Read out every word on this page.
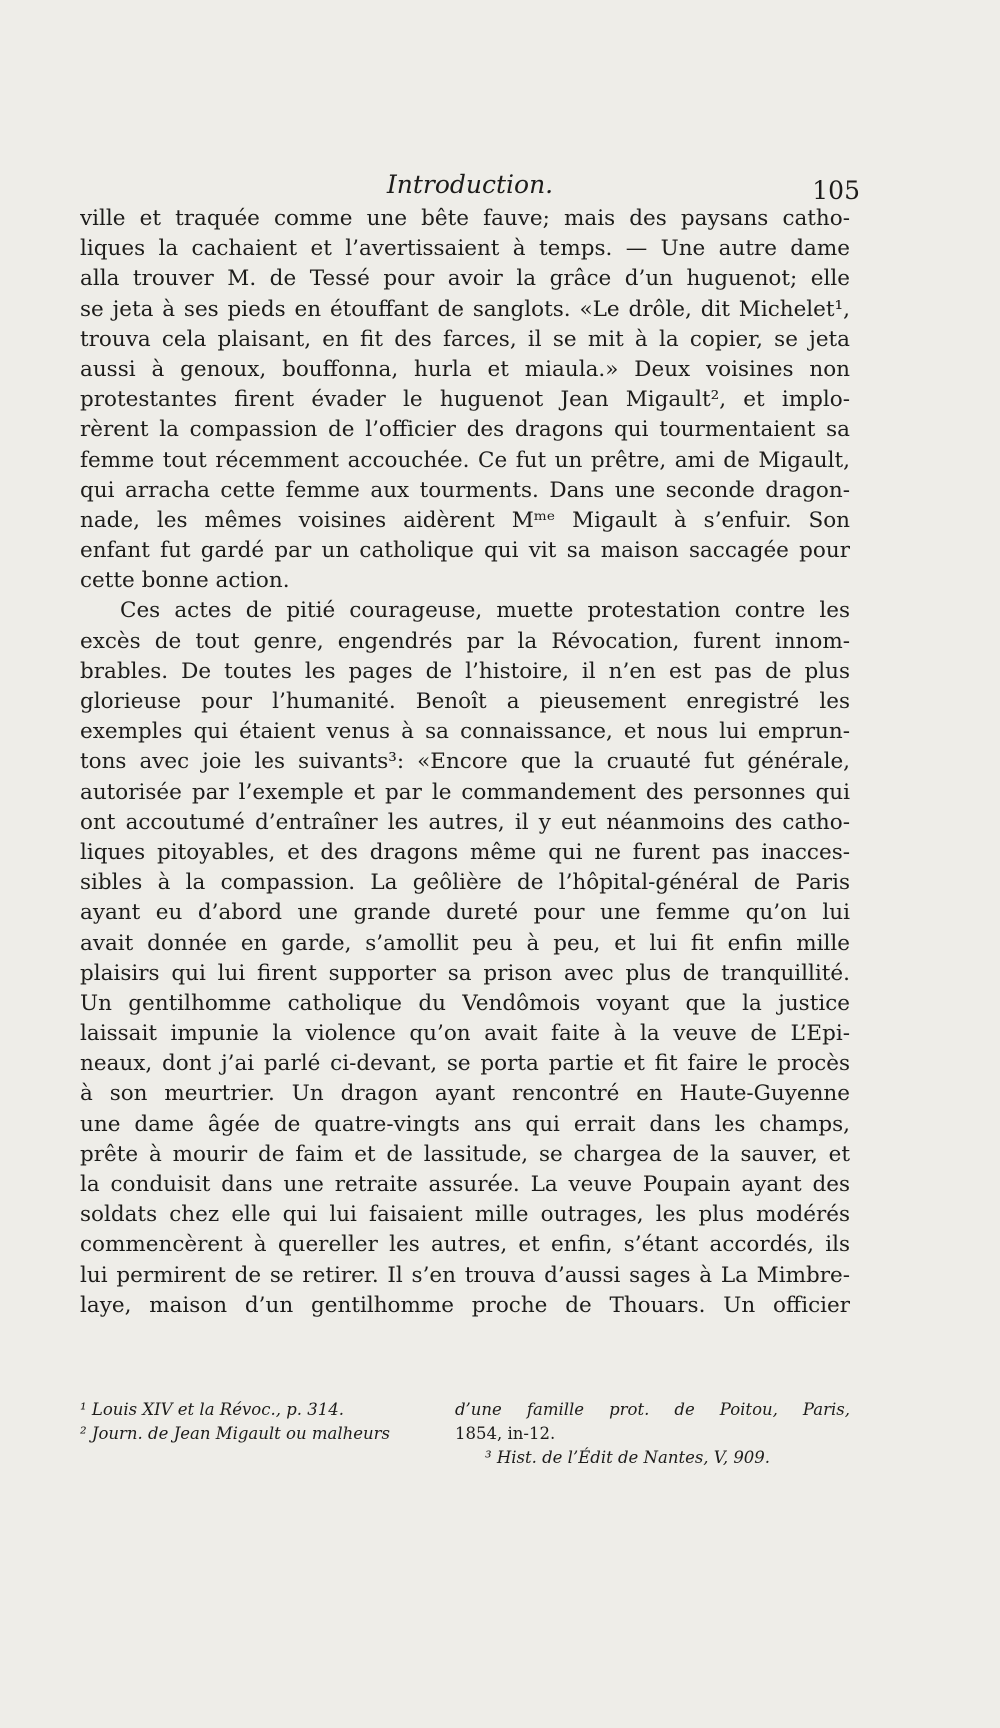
Introduction.	105
ville et traquée comme une bête fauve; mais des paysans catho-
liques la cachaient et l’avertissaient à temps. — Une autre dame
alla trouver M. de Tessé pour avoir la grâce d’un huguenot; elle
se jeta à ses pieds en étouffant de sanglots. «Le drôle, dit Michelet¹,
trouva cela plaisant, en fit des farces, il se mit à la copier, se jeta
aussi à genoux, bouffonna, hurla et miaula.» Deux voisines non
protestantes firent évader le huguenot Jean Migault², et implo-
rèrent la compassion de l’officier des dragons qui tourmentaient sa
femme tout récemment accouchée. Ce fut un prêtre, ami de Migault,
qui arracha cette femme aux tourments. Dans une seconde dragon-
nade, les mêmes voisines aidèrent Mᵐᵉ Migault à s’enfuir. Son
enfant fut gardé par un catholique qui vit sa maison saccagée pour
cette bonne action.
Ces actes de pitié courageuse, muette protestation contre les
excès de tout genre, engendrés par la Révocation, furent innom-
brables. De toutes les pages de l’histoire, il n’en est pas de plus
glorieuse pour l’humanité. Benoît a pieusement enregistré les
exemples qui étaient venus à sa connaissance, et nous lui emprun-
tons avec joie les suivants³: «Encore que la cruauté fut générale,
autorisée par l’exemple et par le commandement des personnes qui
ont accoutumé d’entraîner les autres, il y eut néanmoins des catho-
liques pitoyables, et des dragons même qui ne furent pas inacces-
sibles à la compassion. La geôlière de l’hôpital-général de Paris
ayant eu d’abord une grande dureté pour une femme qu’on lui
avait donnée en garde, s’amollit peu à peu, et lui fit enfin mille
plaisirs qui lui firent supporter sa prison avec plus de tranquillité.
Un gentilhomme catholique du Vendômois voyant que la justice
laissait impunie la violence qu’on avait faite à la veuve de L’Epi-
neaux, dont j’ai parlé ci-devant, se porta partie et fit faire le procès
à son meurtrier. Un dragon ayant rencontré en Haute-Guyenne
une dame âgée de quatre-vingts ans qui errait dans les champs,
prête à mourir de faim et de lassitude, se chargea de la sauver, et
la conduisit dans une retraite assurée. La veuve Poupain ayant des
soldats chez elle qui lui faisaient mille outrages, les plus modérés
commencèrent à quereller les autres, et enfin, s’étant accordés, ils
lui permirent de se retirer. Il s’en trouva d’aussi sages à La Mimbre-
laye, maison d’un gentilhomme proche de Thouars. Un officier
¹ Louis XIV et la Révoc., p. 314.
² Journ. de Jean Migault ou malheurs
d’une famille prot. de Poitou, Paris,
1854, in-12.
³ Hist. de l’Édit de Nantes, V, 909.
